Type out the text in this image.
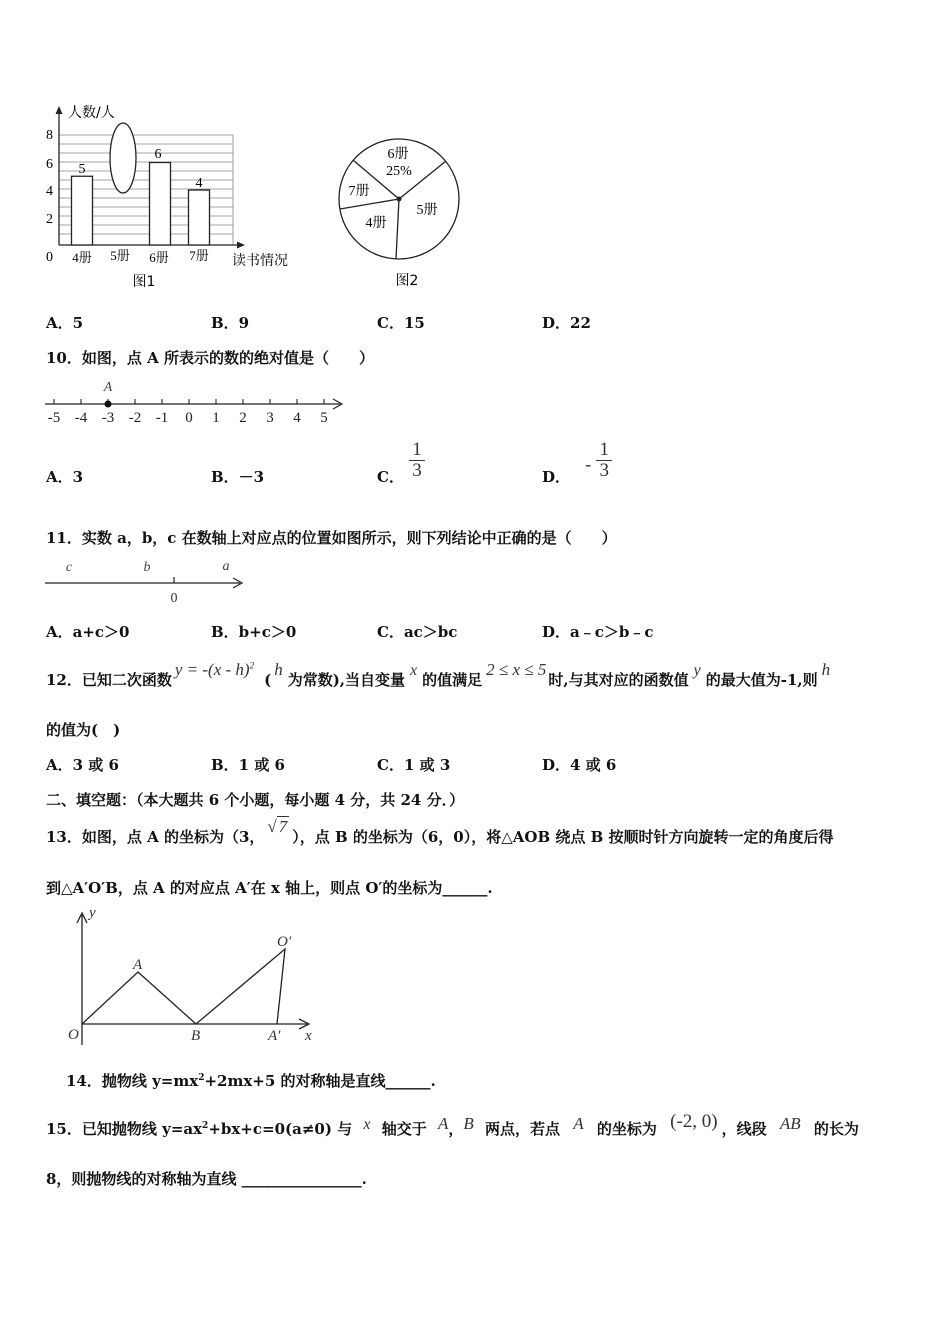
人数/人
8
6
4
2
0
5
6
4
4册 5册 6册 7册 读书情况
图1
6册
25%
7册
4册
5册
图2
A．5	B．9	C．15	D．22
10．如图，点 A 所表示的数的绝对值是（　　）
-5 -4 -3 -2 -1 0 1 2 3 4 5
A
A．3	B．－3	C． $\frac{1}{3}$	D． - $\frac{1}{3}$
11．实数 a，b，c 在数轴上对应点的位置如图所示，则下列结论中正确的是（　　）
c	b	a
0
A．a+c＞0	B．b+c＞0	C．ac＞bc	D．a﹣c＞b﹣c
12．已知二次函数y = -(x - h)$^2$(h为常数),当自变量x的值满足2 ≤ x ≤ 5时,与其对应的函数值y的最大值为-1,则h
的值为(　)
A．3 或 6	B．1 或 6	C．1 或 3	D．4 或 6
二、填空题：（本大题共 6 个小题，每小题 4 分，共 24 分．）
13．如图，点 A 的坐标为（3，√ 7），点 B 的坐标为（6，0），将△AOB 绕点 B 按顺时针方向旋转一定的角度后得
到△A′O′B，点 A 的对应点 A′在 x 轴上，则点 O′的坐标为______.
y
A
O′
O	B	A′ x
14．抛物线 $y=mx^2+2mx+5$ 的对称轴是直线______.
15．已知抛物线 $y=ax^2+bx+c=0(a\ne 0)$ 与 x 轴交于 A，B 两点，若点 A 的坐标为 (-2, 0) ，线段 AB 的长为
8，则抛物线的对称轴为直线 ________________.
